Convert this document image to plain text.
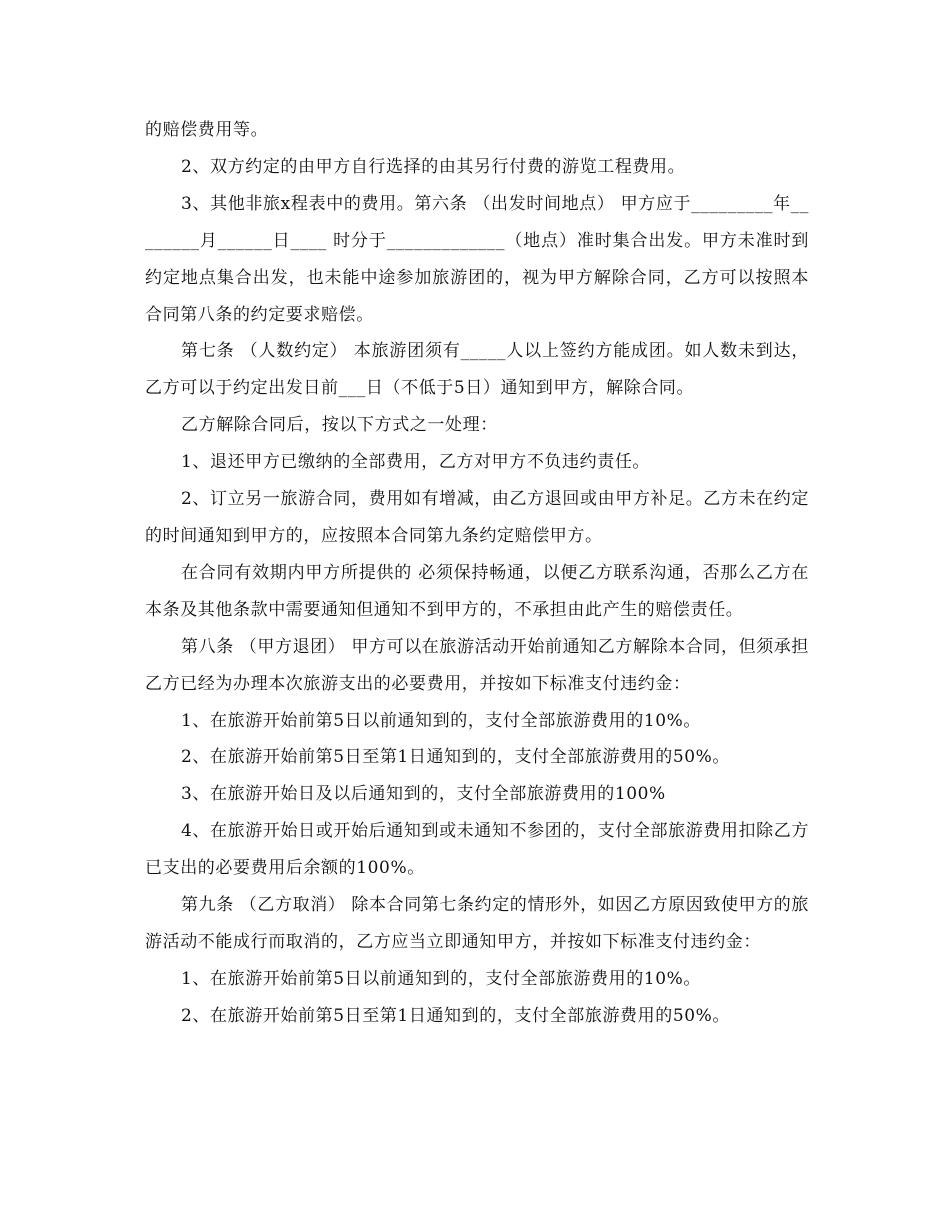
的赔偿费用等。

2、双方约定的由甲方自行选择的由其另行付费的游览工程费用。

3、其他非旅x程表中的费用。第六条 （出发时间地点） 甲方应于_________年________月______日____ 时分于_____________（地点）准时集合出发。甲方未准时到约定地点集合出发，也未能中途参加旅游团的，视为甲方解除合同，乙方可以按照本合同第八条的约定要求赔偿。

第七条 （人数约定） 本旅游团须有_____人以上签约方能成团。如人数未到达，乙方可以于约定出发日前___日（不低于5日）通知到甲方，解除合同。

乙方解除合同后，按以下方式之一处理：

1、退还甲方已缴纳的全部费用，乙方对甲方不负违约责任。

2、订立另一旅游合同，费用如有增减，由乙方退回或由甲方补足。乙方未在约定的时间通知到甲方的，应按照本合同第九条约定赔偿甲方。

在合同有效期内甲方所提供的 必须保持畅通，以便乙方联系沟通，否那么乙方在本条及其他条款中需要通知但通知不到甲方的，不承担由此产生的赔偿责任。

第八条 （甲方退团） 甲方可以在旅游活动开始前通知乙方解除本合同，但须承担乙方已经为办理本次旅游支出的必要费用，并按如下标准支付违约金：

1、在旅游开始前第5日以前通知到的，支付全部旅游费用的10%。

2、在旅游开始前第5日至第1日通知到的，支付全部旅游费用的50%。

3、在旅游开始日及以后通知到的，支付全部旅游费用的100%

4、在旅游开始日或开始后通知到或未通知不参团的，支付全部旅游费用扣除乙方已支出的必要费用后余额的100%。

第九条 （乙方取消） 除本合同第七条约定的情形外，如因乙方原因致使甲方的旅游活动不能成行而取消的，乙方应当立即通知甲方，并按如下标准支付违约金：

1、在旅游开始前第5日以前通知到的，支付全部旅游费用的10%。

2、在旅游开始前第5日至第1日通知到的，支付全部旅游费用的50%。
